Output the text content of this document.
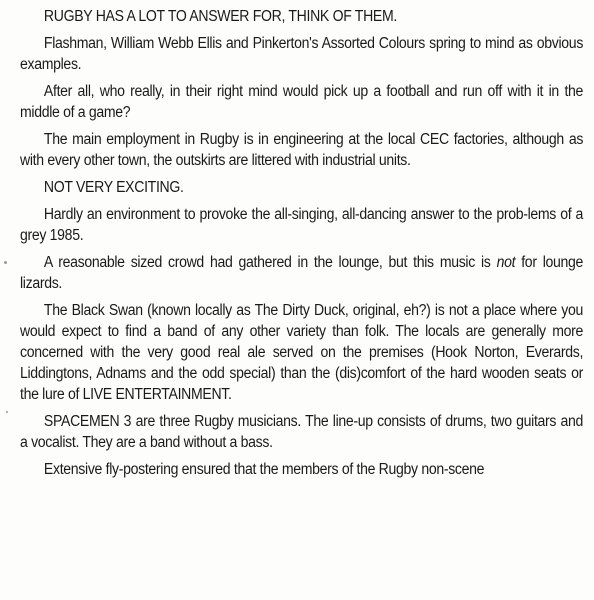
RUGBY HAS A LOT TO ANSWER FOR, THINK OF THEM.

Flashman, William Webb Ellis and Pinkerton's Assorted Colours spring to mind as obvious examples.

After all, who really, in their right mind would pick up a football and run off with it in the middle of a game?

The main employment in Rugby is in engineering at the local CEC factories, although as with every other town, the outskirts are littered with industrial units.

NOT VERY EXCITING.

Hardly an environment to provoke the all-singing, all-dancing answer to the prob-lems of a grey 1985.

A reasonable sized crowd had gathered in the lounge, but this music is not for lounge lizards.

The Black Swan (known locally as The Dirty Duck, original, eh?) is not a place where you would expect to find a band of any other variety than folk. The locals are generally more concerned with the very good real ale served on the premises (Hook Norton, Everards, Liddingtons, Adnams and the odd special) than the (dis)comfort of the hard wooden seats or the lure of LIVE ENTERTAINMENT.

SPACEMEN 3 are three Rugby musicians. The line-up consists of drums, two guitars and a vocalist. They are a band without a bass.

Extensive fly-postering ensured that the members of the Rugby non-scene
